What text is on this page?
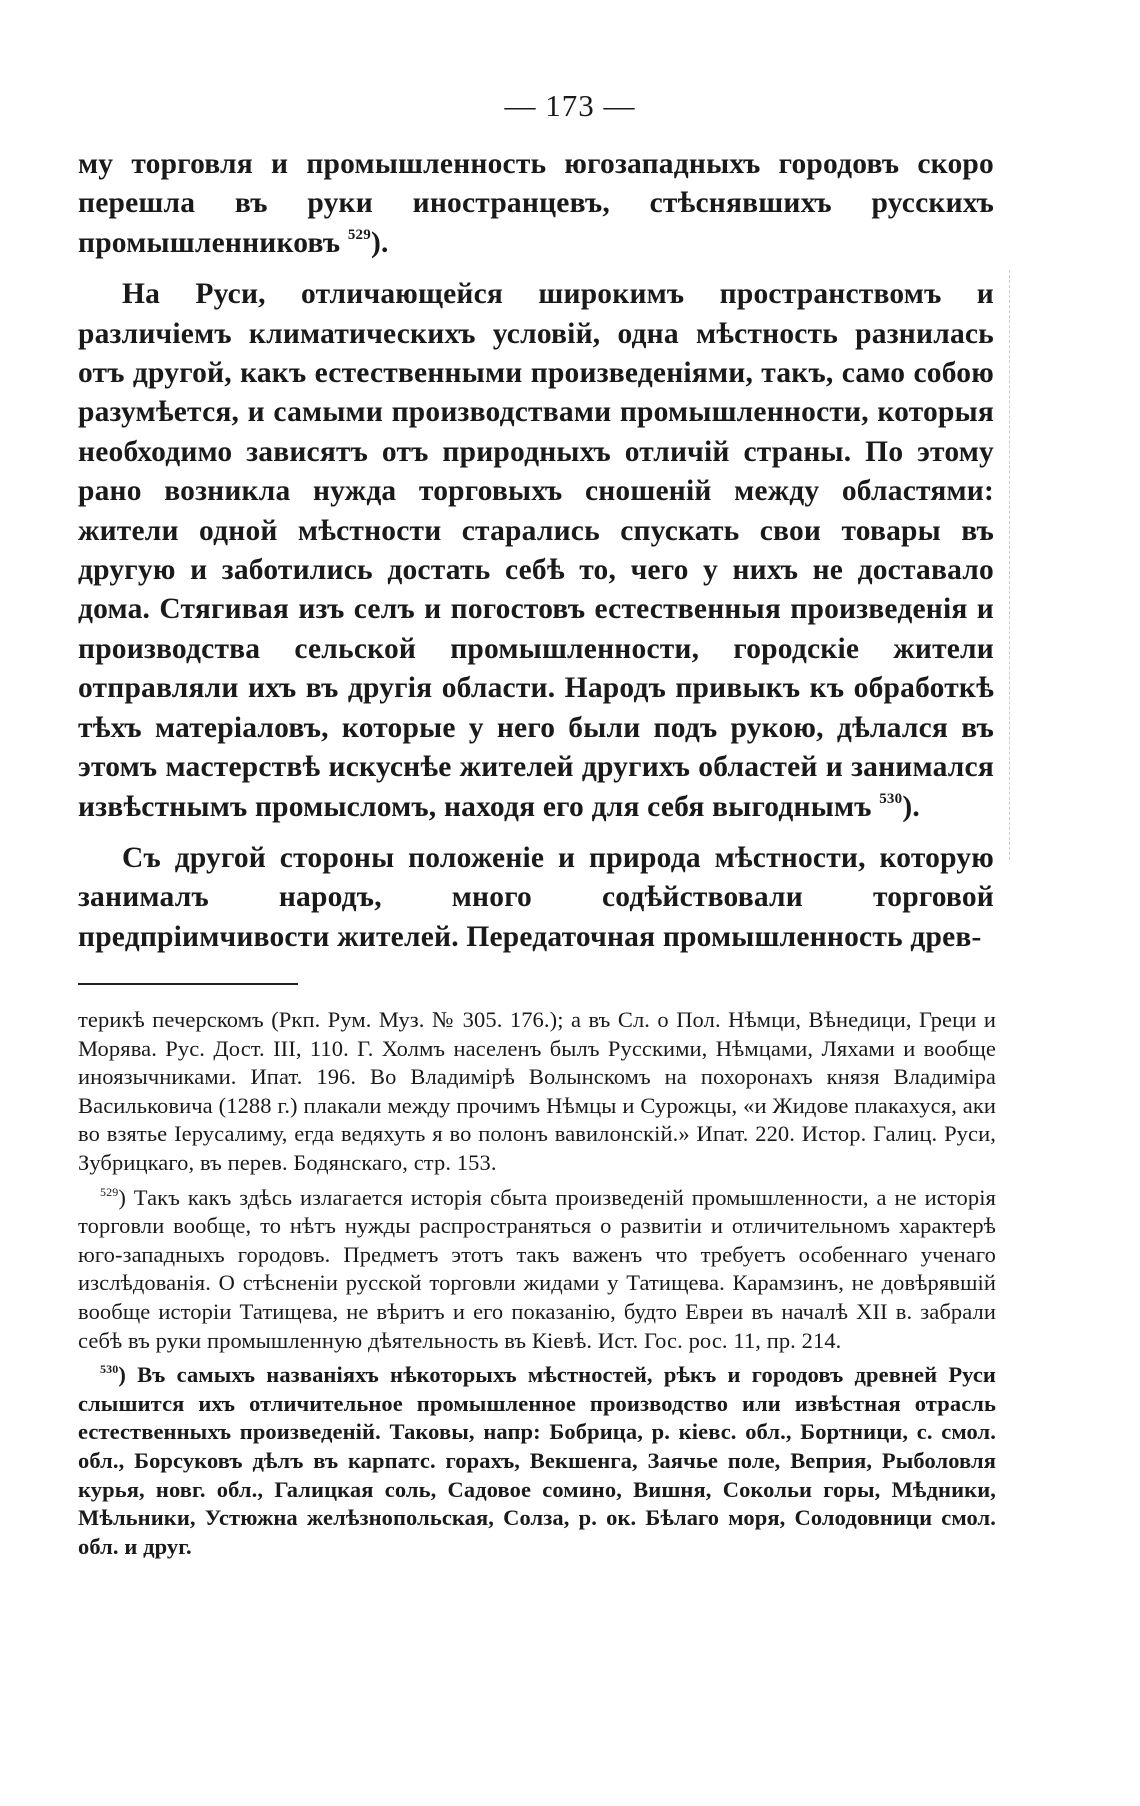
— 173 —

му торговля и промышленность югозападныхъ городовъ скоро перешла въ руки иностранцевъ, стѣснявшихъ русскихъ промышленниковъ $^{529}$).

На Руси, отличающейся широкимъ пространствомъ и различіемъ климатическихъ условій, одна мѣстность разнилась отъ другой, какъ естественными произведеніями, такъ, само собою разумѣется, и самыми производствами промышленности, которыя необходимо зависятъ отъ природныхъ отличій страны. По этому рано возникла нужда торговыхъ сношеній между областями: жители одной мѣстности старались спускать свои товары въ другую и заботились достать себѣ то, чего у нихъ не доставало дома. Стягивая изъ селъ и погостовъ естественныя произведенія и производства сельской промышленности, городскіе жители отправляли ихъ въ другія области. Народъ привыкъ къ обработкѣ тѣхъ матеріаловъ, которые у него были подъ рукою, дѣлался въ этомъ мастерствѣ искуснѣе жителей другихъ областей и занимался извѣстнымъ промысломъ, находя его для себя выгоднымъ $^{530}$).

Съ другой стороны положеніе и природа мѣстности, которую занималъ народъ, много содѣйствовали торговой предпріимчивости жителей. Передаточная промышленность древ-

терикѣ печерскомъ (Ркп. Рум. Муз. № 305. 176.); а въ Сл. о Пол. Нѣмци, Вѣнедици, Греци и Морява. Рус. Дост. III, 110. Г. Холмъ населенъ былъ Русскими, Нѣмцами, Ляхами и вообще иноязычниками. Ипат. 196. Во Владимірѣ Волынскомъ на похоронахъ князя Владиміра Васильковича (1288 г.) плакали между прочимъ Нѣмцы и Сурожцы, «и Жидове плакахуся, аки во взятье Іерусалиму, егда ведяхуть я во полонъ вавилонскій.» Ипат. 220. Истор. Галиц. Руси, Зубрицкаго, въ перев. Бодянскаго, стр. 153.

$^{529}$) Такъ какъ здѣсь излагается исторія сбыта произведеній промышленности, а не исторія торговли вообще, то нѣтъ нужды распространяться о развитіи и отличительномъ характерѣ юго-западныхъ городовъ. Предметъ этотъ такъ важенъ что требуетъ особеннаго ученаго изслѣдованія. О стѣсненіи русской торговли жидами у Татищева. Карамзинъ, не довѣрявшій вообще исторіи Татищева, не вѣритъ и его показанію, будто Евреи въ началѣ XII в. забрали себѣ въ руки промышленную дѣятельность въ Кіевѣ. Ист. Гос. рос. 11, пр. 214.

$^{530}$) Въ самыхъ названіяхъ нѣкоторыхъ мѣстностей, рѣкъ и городовъ древней Руси слышится ихъ отличительное промышленное производство или извѣстная отрасль естественныхъ произведеній. Таковы, напр: Бобрица, р. кіевс. обл., Бортници, с. смол. обл., Борсуковъ дѣлъ въ карпатс. горахъ, Векшенга, Заячье поле, Веприя, Рыболовля курья, новг. обл., Галицкая соль, Садовое сомино, Вишня, Сокольи горы, Мѣдники, Мѣльники, Устюжна желѣзнопольская, Солза, р. ок. Бѣлаго моря, Солодовници смол. обл. и друг.
